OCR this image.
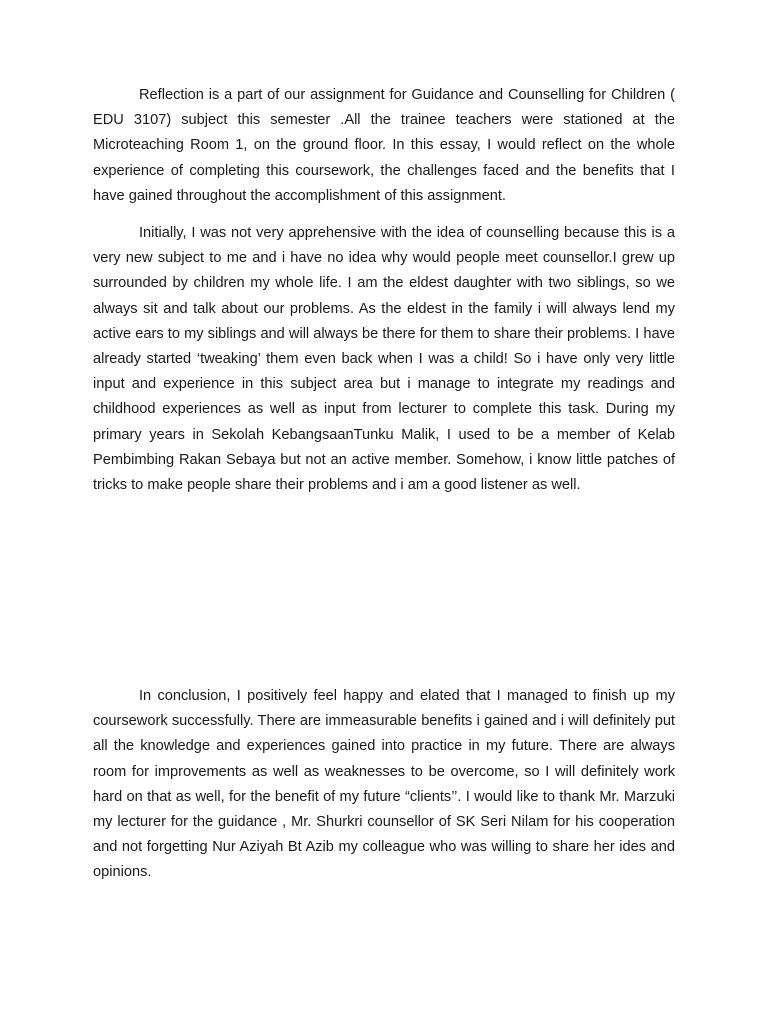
Reflection is a part of our assignment for Guidance and Counselling for Children ( EDU 3107) subject this semester .All the trainee teachers were stationed at the Microteaching Room 1, on the ground floor. In this essay, I would reflect on the whole experience of completing this coursework, the challenges faced and the benefits that I have gained throughout the accomplishment of this assignment.

Initially, I was not very apprehensive with the idea of counselling because this is a very new subject to me and i have no idea why would people meet counsellor.I grew up surrounded by children my whole life. I am the eldest daughter with two siblings, so we always sit and talk about our problems. As the eldest in the family i will always lend my active ears to my siblings and will always be there for them to share their problems. I have already started ‘tweaking’ them even back when I was a child! So i have only very little input and experience in this subject area but i manage to integrate my readings and childhood experiences as well as input from lecturer to complete this task. During my primary years in Sekolah KebangsaanTunku Malik, I used to be a member of Kelab Pembimbing Rakan Sebaya but not an active member. Somehow, i know little patches of tricks to make people share their problems and i am a good listener as well.

In conclusion, I positively feel happy and elated that I managed to finish up my coursework successfully. There are immeasurable benefits i gained and i will definitely put all the knowledge and experiences gained into practice in my future. There are always room for improvements as well as weaknesses to be overcome, so I will definitely work hard on that as well, for the benefit of my future “clients’’. I would like to thank Mr. Marzuki my lecturer for the guidance , Mr. Shurkri counsellor of SK Seri Nilam for his cooperation and not forgetting Nur Aziyah Bt Azib my colleague who was willing to share her ides and opinions.
